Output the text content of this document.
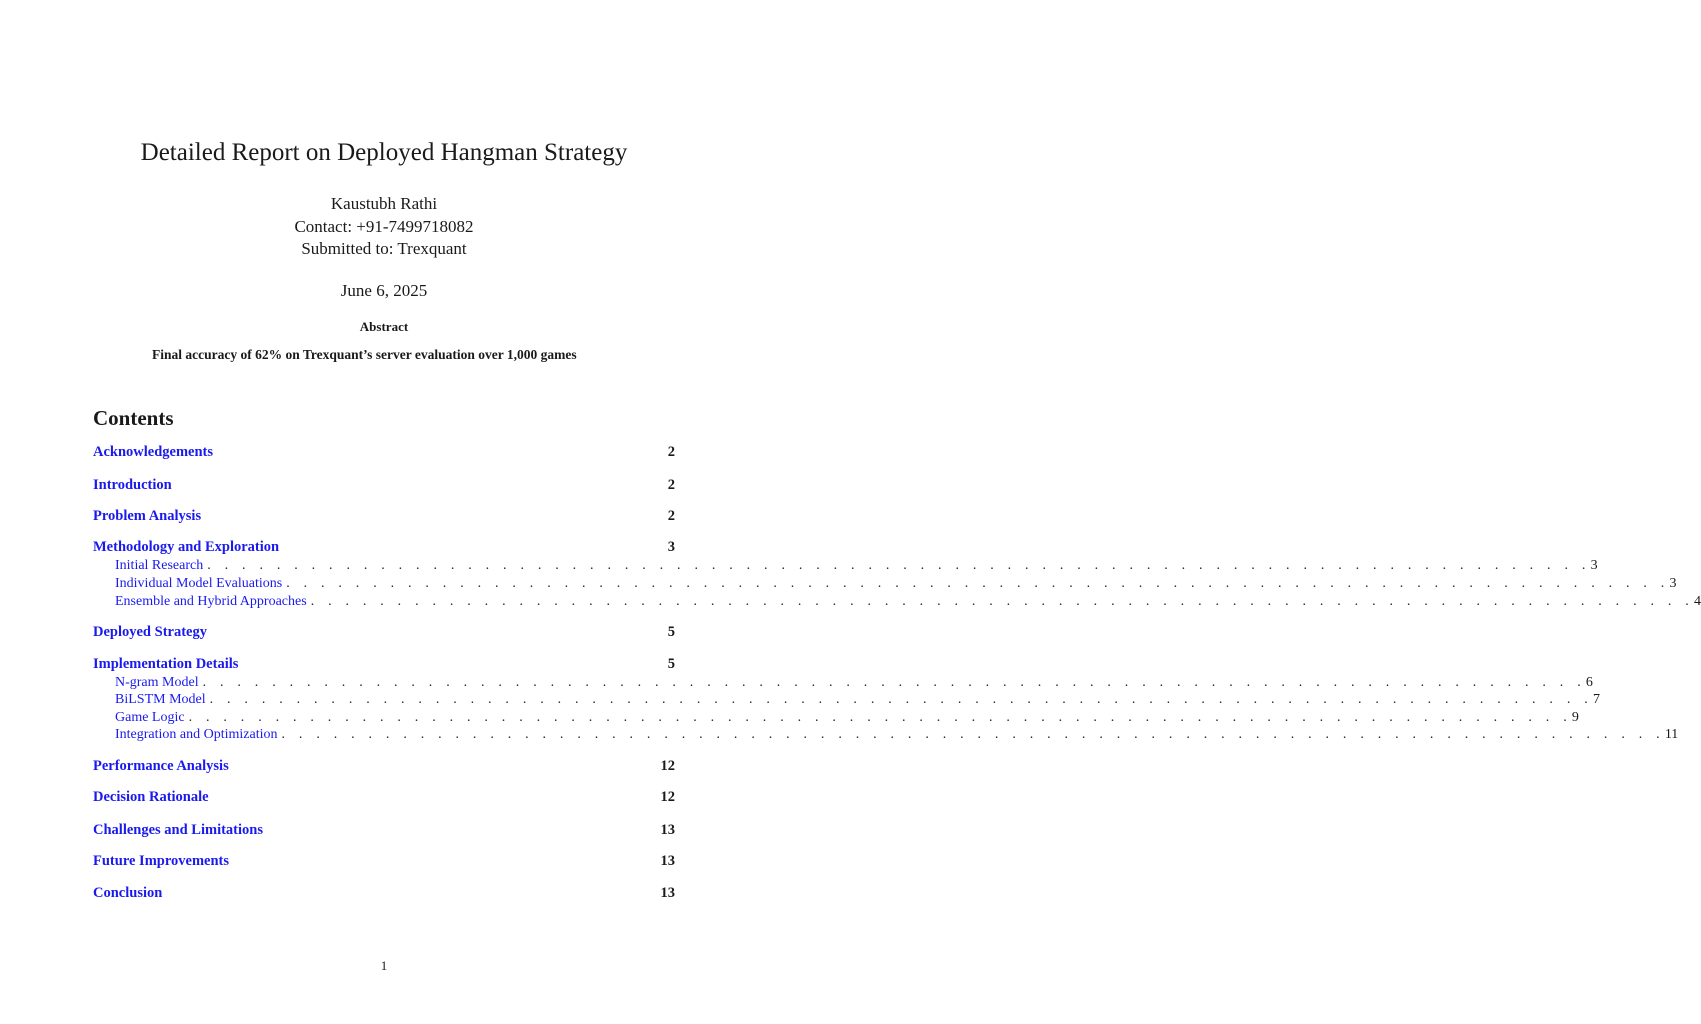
Detailed Report on Deployed Hangman Strategy
Kaustubh Rathi
Contact: +91-7499718082
Submitted to: Trexquant
June 6, 2025
Abstract
Final accuracy of 62% on Trexquant’s server evaluation over 1,000 games
Contents
Acknowledgements	2
Introduction	2
Problem Analysis	2
Methodology and Exploration	3
Initial Research . . . . . . . . . . . . . . . . . . . . . . . . . . . . . . . . . . . . . . . . . . . . . . . . . . . . . . . . . . . . . . . . . . . . . . . . . . . . . . . . 3
Individual Model Evaluations . . . . . . . . . . . . . . . . . . . . . . . . . . . . . . . . . . . . . . . . . . . . . . . . . . . . . . . . . . . . . . . . . . . . . . . . . . . . . . . . 3
Ensemble and Hybrid Approaches . . . . . . . . . . . . . . . . . . . . . . . . . . . . . . . . . . . . . . . . . . . . . . . . . . . . . . . . . . . . . . . . . . . . . . . . . . . . . . . . 4
Deployed Strategy	5
Implementation Details	5
N-gram Model . . . . . . . . . . . . . . . . . . . . . . . . . . . . . . . . . . . . . . . . . . . . . . . . . . . . . . . . . . . . . . . . . . . . . . . . . . . . . . . . 6
BiLSTM Model . . . . . . . . . . . . . . . . . . . . . . . . . . . . . . . . . . . . . . . . . . . . . . . . . . . . . . . . . . . . . . . . . . . . . . . . . . . . . . . . 7
Game Logic . . . . . . . . . . . . . . . . . . . . . . . . . . . . . . . . . . . . . . . . . . . . . . . . . . . . . . . . . . . . . . . . . . . . . . . . . . . . . . . . 9
Integration and Optimization . . . . . . . . . . . . . . . . . . . . . . . . . . . . . . . . . . . . . . . . . . . . . . . . . . . . . . . . . . . . . . . . . . . . . . . . . . . . . . . . 11
Performance Analysis	12
Decision Rationale	12
Challenges and Limitations	13
Future Improvements	13
Conclusion	13
1
